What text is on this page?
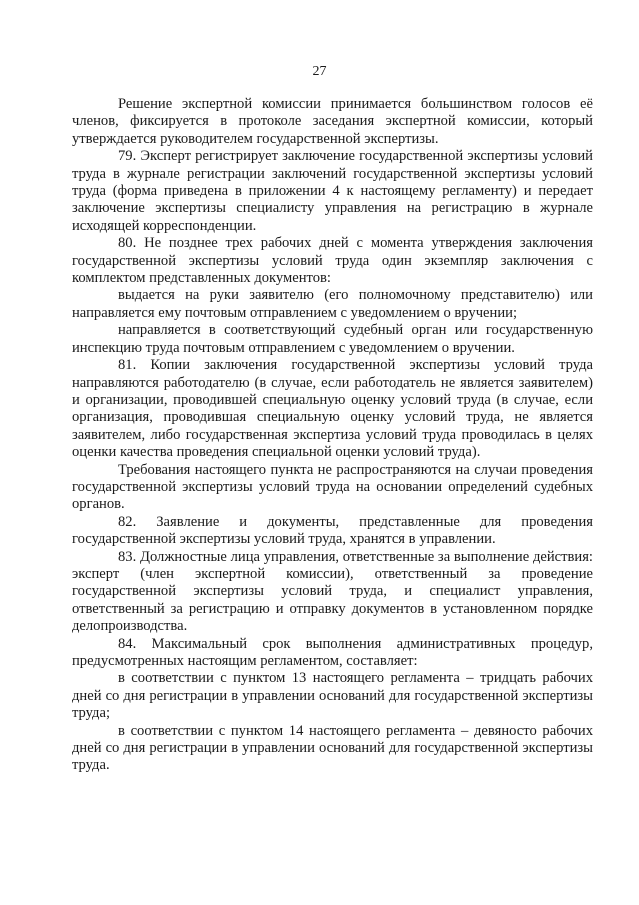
27

Решение экспертной комиссии принимается большинством голосов её членов, фиксируется в протоколе заседания экспертной комиссии, который утверждается руководителем государственной экспертизы.

79. Эксперт регистрирует заключение государственной экспертизы условий труда в журнале регистрации заключений государственной экспертизы условий труда (форма приведена в приложении 4 к настоящему регламенту) и передает заключение экспертизы специалисту управления на регистрацию в журнале исходящей корреспонденции.

80. Не позднее трех рабочих дней с момента утверждения заключения государственной экспертизы условий труда один экземпляр заключения с комплектом представленных документов:

выдается на руки заявителю (его полномочному представителю) или направляется ему почтовым отправлением с уведомлением о вручении;

направляется в соответствующий судебный орган или государственную инспекцию труда почтовым отправлением с уведомлением о вручении.

81. Копии заключения государственной экспертизы условий труда направляются работодателю (в случае, если работодатель не является заявителем) и организации, проводившей специальную оценку условий труда (в случае, если организация, проводившая специальную оценку условий труда, не является заявителем, либо государственная экспертиза условий труда проводилась в целях оценки качества проведения специальной оценки условий труда).

Требования настоящего пункта не распространяются на случаи проведения государственной экспертизы условий труда на основании определений судебных органов.

82. Заявление и документы, представленные для проведения государственной экспертизы условий труда, хранятся в управлении.

83. Должностные лица управления, ответственные за выполнение действия: эксперт (член экспертной комиссии), ответственный за проведение государственной экспертизы условий труда, и специалист управления, ответственный за регистрацию и отправку документов в установленном порядке делопроизводства.

84. Максимальный срок выполнения административных процедур, предусмотренных настоящим регламентом, составляет:

в соответствии с пунктом 13 настоящего регламента – тридцать рабочих дней со дня регистрации в управлении оснований для государственной экспертизы труда;

в соответствии с пунктом 14 настоящего регламента – девяносто рабочих дней со дня регистрации в управлении оснований для государственной экспертизы труда.
